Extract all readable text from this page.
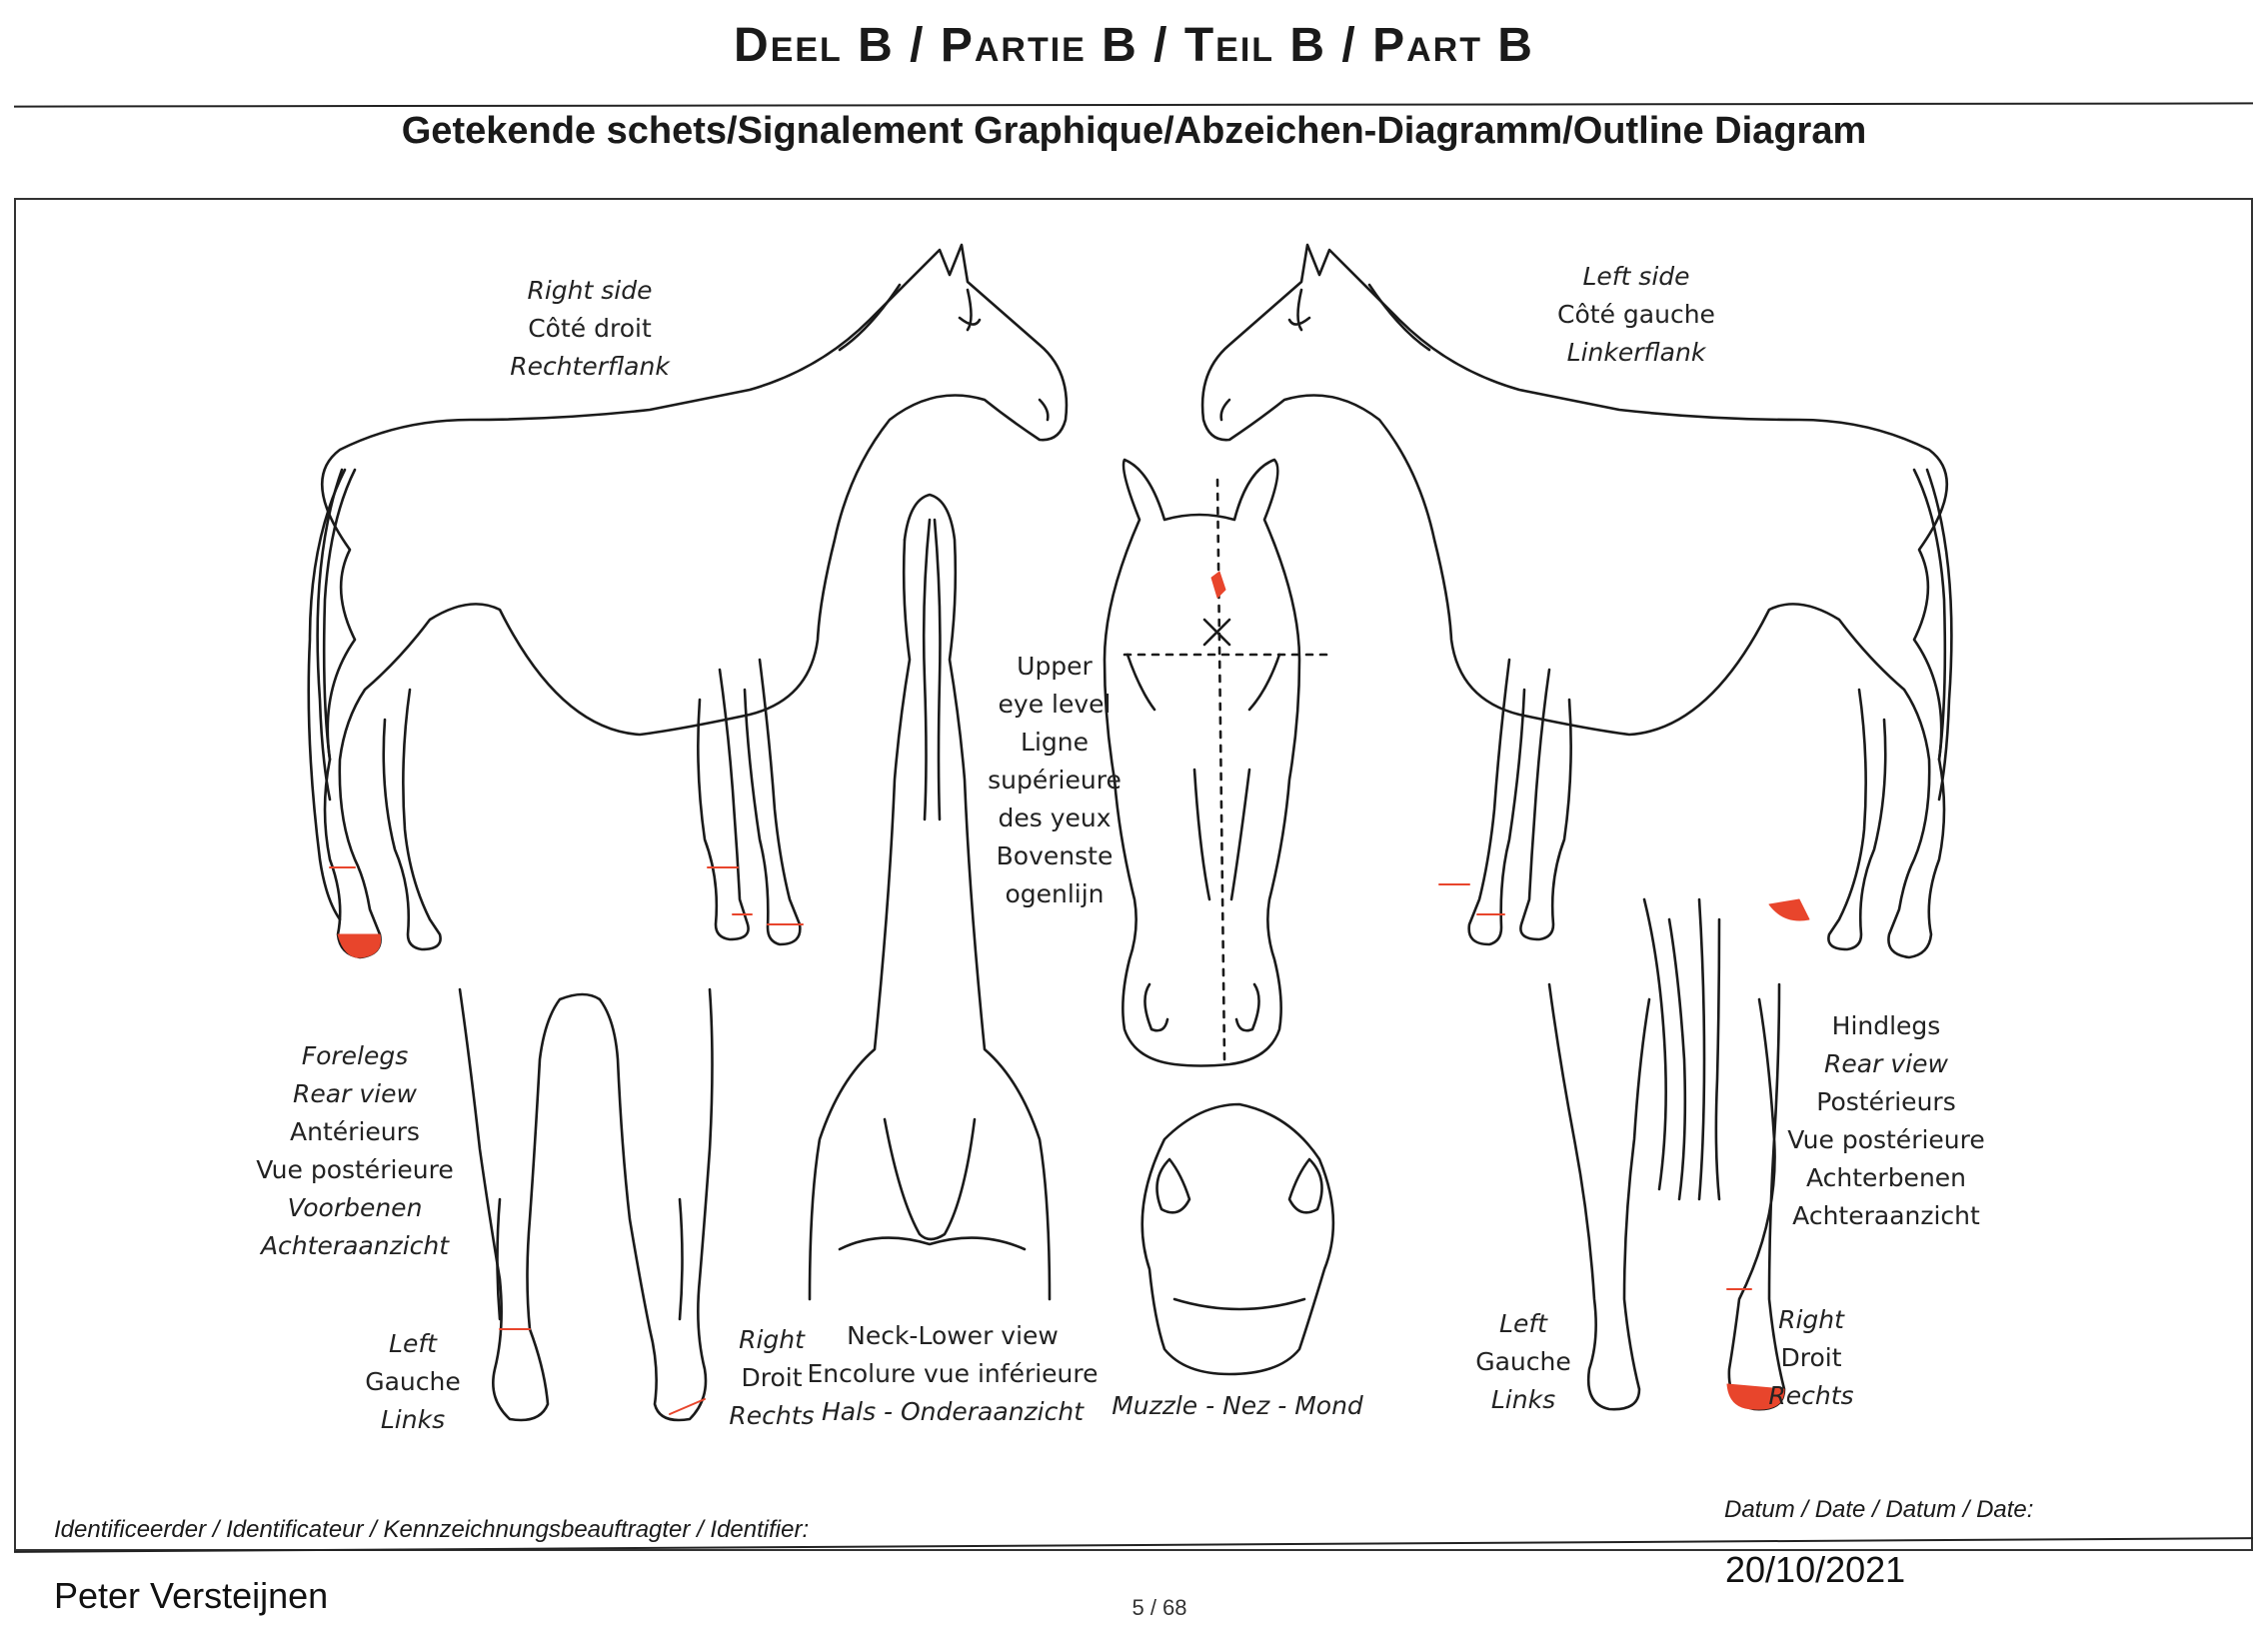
Deel B / Partie B / Teil B / Part B
Getekende schets/Signalement Graphique/Abzeichen-Diagramm/Outline Diagram
Right side
Côté droit
Rechterflank
Left side
Côté gauche
Linkerflank
Upper
eye level
Ligne
supérieure
des yeux
Bovenste
ogenlijn
Forelegs
Rear view
Antérieurs
Vue postérieure
Voorbenen
Achteraanzicht
Hindlegs
Rear view
Postérieurs
Vue postérieure
Achterbenen
Achteraanzicht
Left
Gauche
Links
Right
Droit
Rechts
Neck-Lower view
Encolure vue inférieure
Hals - Onderaanzicht	Muzzle - Nez - Mond
Left
Gauche
Links
Right
Droit
Rechts
Identificeerder / Identificateur / Kennzeichnungsbeauftragter / Identifier:
Datum / Date / Datum / Date:
Peter Versteijnen
20/10/2021
5 / 68
